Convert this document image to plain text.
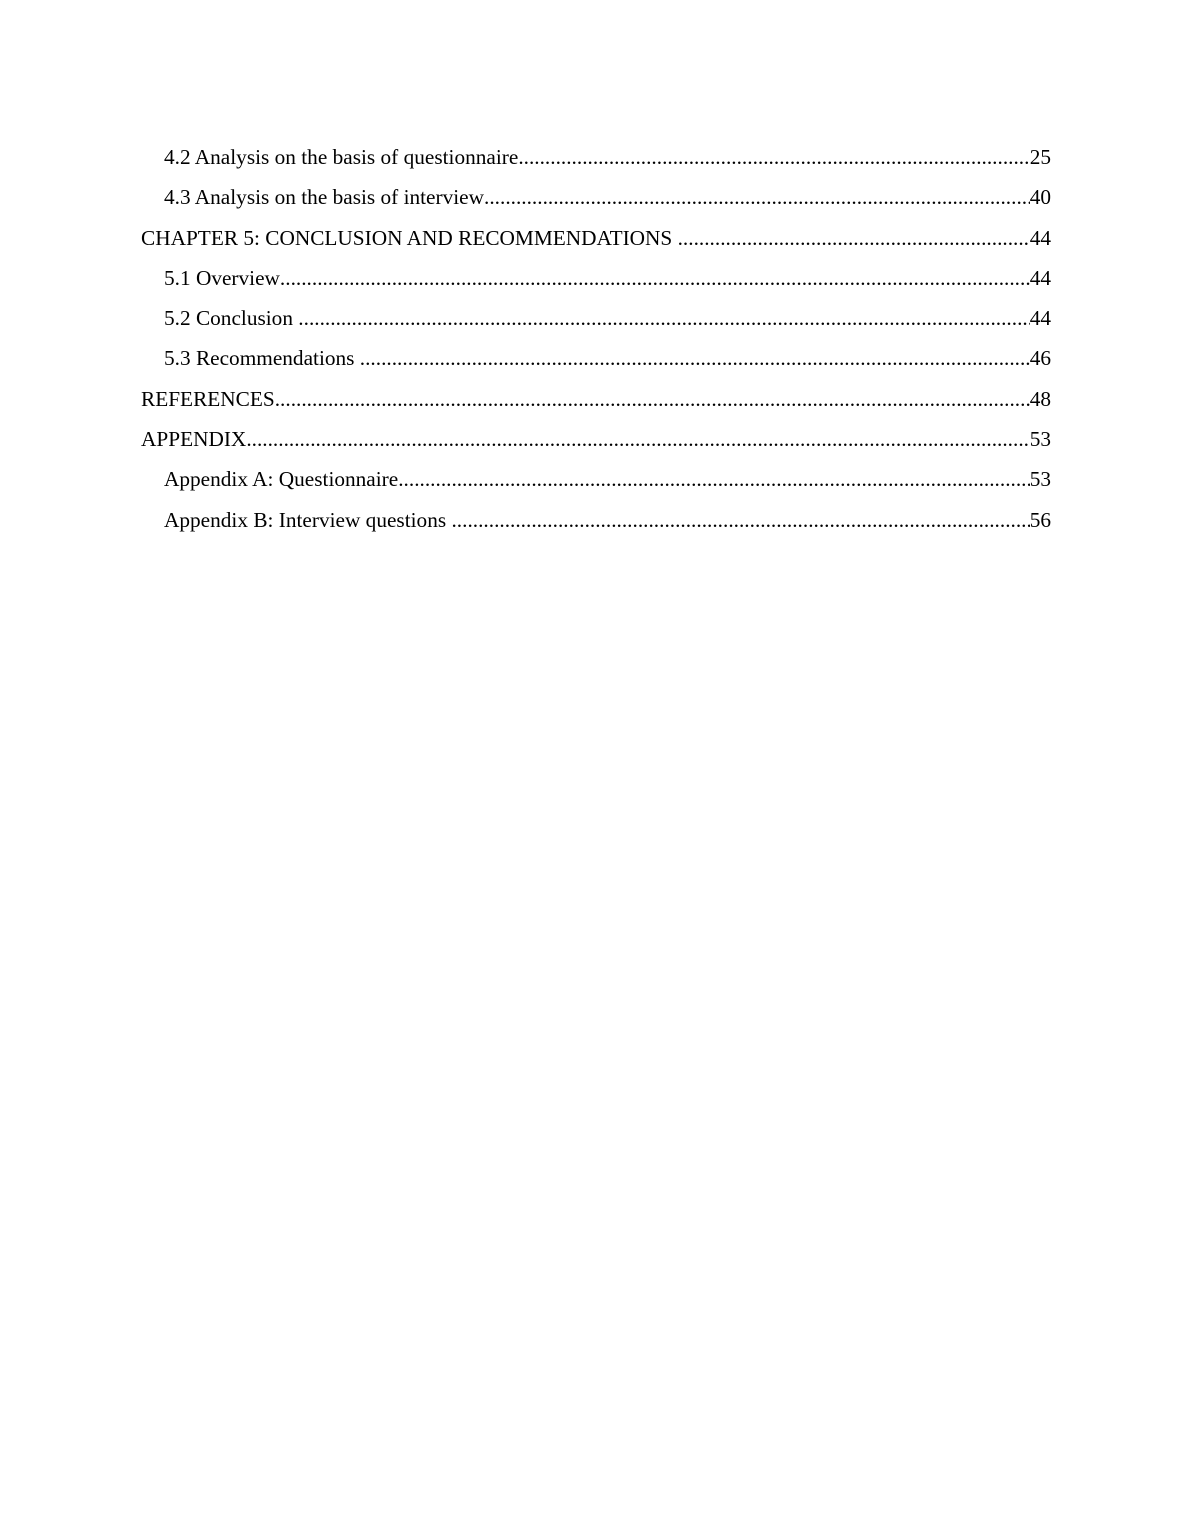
4.2 Analysis on the basis of questionnaire .....	25
4.3 Analysis on the basis of interview .....	40
CHAPTER 5: CONCLUSION AND RECOMMENDATIONS .....	44
5.1 Overview .....	44
5.2 Conclusion .....	44
5.3 Recommendations .....	46
REFERENCES .....	48
APPENDIX .....	53
Appendix A: Questionnaire .....	53
Appendix B: Interview questions .....	56
